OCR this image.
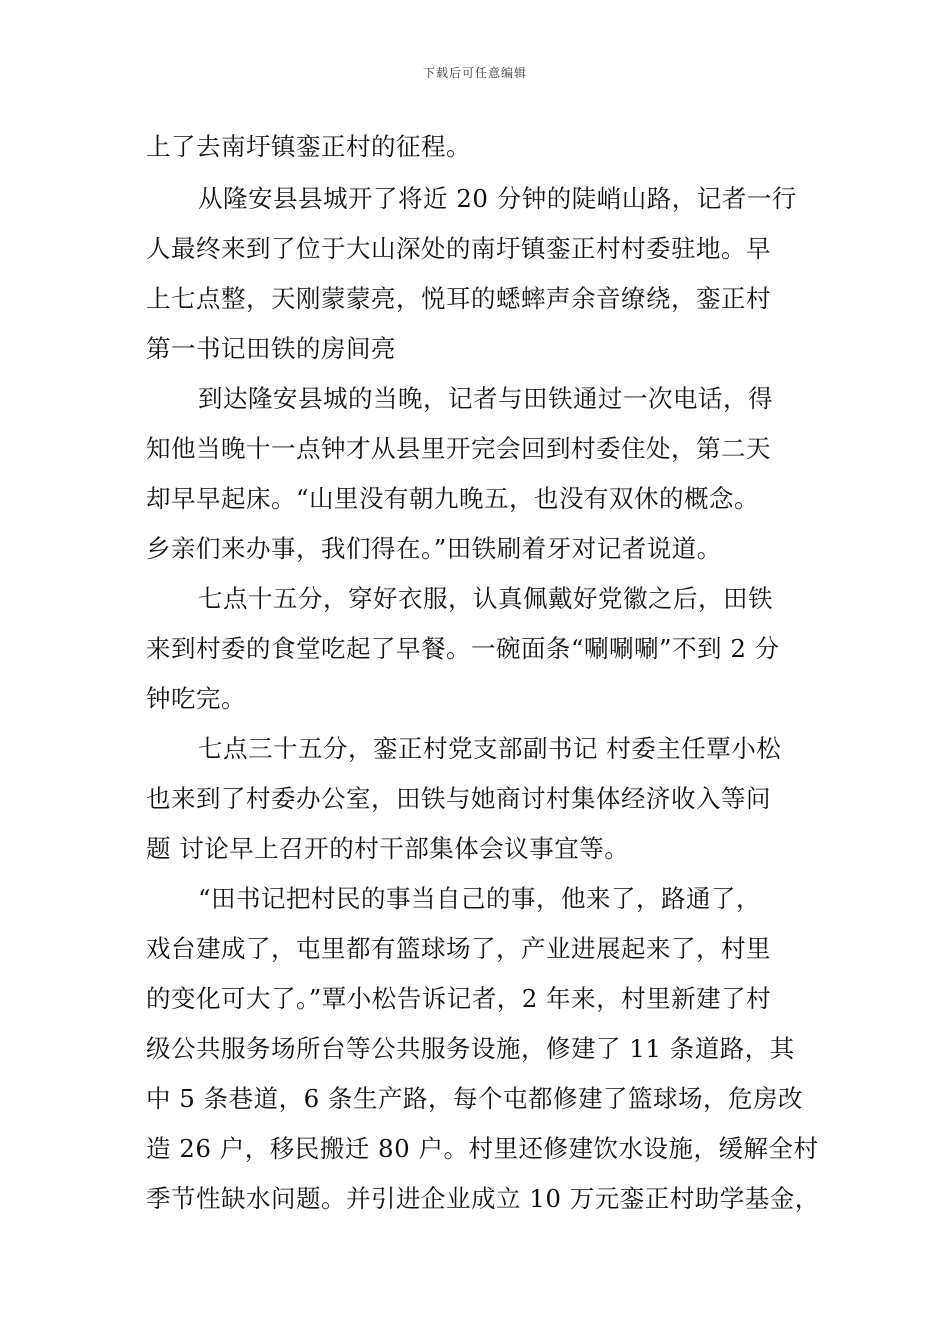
下载后可任意编辑
上了去南圩镇銮正村的征程。
从隆安县县城开了将近 20 分钟的陡峭山路，记者一行
人最终来到了位于大山深处的南圩镇銮正村村委驻地。早
上七点整，天刚蒙蒙亮，悦耳的蟋蟀声余音缭绕，銮正村
第一书记田铁的房间亮
到达隆安县城的当晚，记者与田铁通过一次电话，得
知他当晚十一点钟才从县里开完会回到村委住处，第二天
却早早起床。“山里没有朝九晚五，也没有双休的概念。
乡亲们来办事，我们得在。”田铁刷着牙对记者说道。
七点十五分，穿好衣服，认真佩戴好党徽之后，田铁
来到村委的食堂吃起了早餐。一碗面条“唰唰唰”不到 2 分
钟吃完。
七点三十五分，銮正村党支部副书记 村委主任覃小松
也来到了村委办公室，田铁与她商讨村集体经济收入等问
题 讨论早上召开的村干部集体会议事宜等。
“田书记把村民的事当自己的事，他来了，路通了，
戏台建成了，屯里都有篮球场了，产业进展起来了，村里
的变化可大了。”覃小松告诉记者，2 年来，村里新建了村
级公共服务场所台等公共服务设施，修建了 11 条道路，其
中 5 条巷道，6 条生产路，每个屯都修建了篮球场，危房改
造 26 户，移民搬迁 80 户。村里还修建饮水设施，缓解全村
季节性缺水问题。并引进企业成立 10 万元銮正村助学基金，
